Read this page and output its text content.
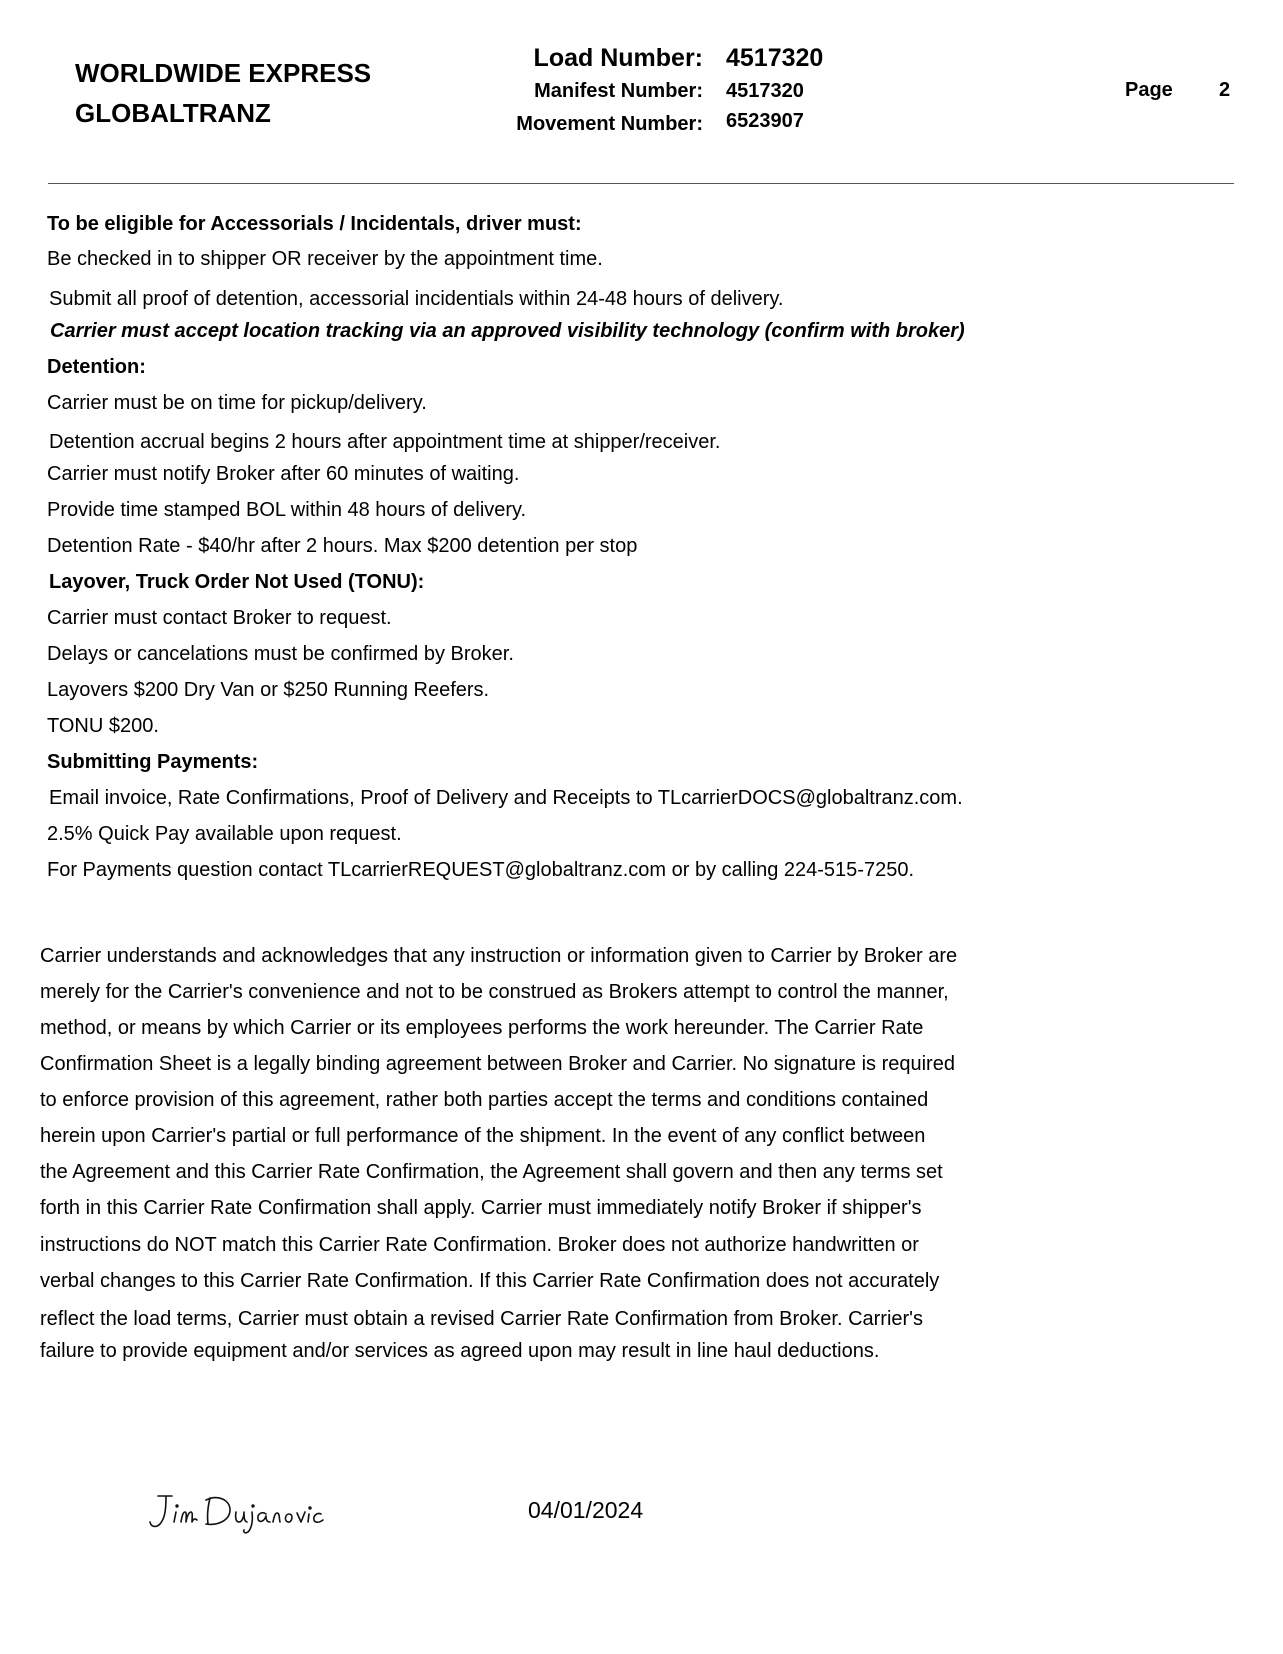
WORLDWIDE EXPRESS
GLOBALTRANZ
Load Number: 4517320
Manifest Number: 4517320
Movement Number: 6523907
Page 2
To be eligible for Accessorials / Incidentals, driver must:
Be checked in to shipper OR receiver by the appointment time.
Submit all proof of detention, accessorial incidentials within 24-48 hours of delivery.
Carrier must accept location tracking via an approved visibility technology (confirm with broker)
Detention:
Carrier must be on time for pickup/delivery.
Detention accrual begins 2 hours after appointment time at shipper/receiver.
Carrier must notify Broker after 60 minutes of waiting.
Provide time stamped BOL within 48 hours of delivery.
Detention Rate - $40/hr after 2 hours. Max $200 detention per stop
Layover, Truck Order Not Used (TONU):
Carrier must contact Broker to request.
Delays or cancelations must be confirmed by Broker.
Layovers $200 Dry Van or $250 Running Reefers.
TONU $200.
Submitting Payments:
Email invoice, Rate Confirmations, Proof of Delivery and Receipts to TLcarrierDOCS@globaltranz.com.
2.5% Quick Pay available upon request.
For Payments question contact TLcarrierREQUEST@globaltranz.com or by calling 224-515-7250.
Carrier understands and acknowledges that any instruction or information given to Carrier by Broker are
merely for the Carrier's convenience and not to be construed as Brokers attempt to control the manner,
method, or means by which Carrier or its employees performs the work hereunder. The Carrier Rate
Confirmation Sheet is a legally binding agreement between Broker and Carrier. No signature is required
to enforce provision of this agreement, rather both parties accept the terms and conditions contained
herein upon Carrier's partial or full performance of the shipment. In the event of any conflict between
the Agreement and this Carrier Rate Confirmation, the Agreement shall govern and then any terms set
forth in this Carrier Rate Confirmation shall apply. Carrier must immediately notify Broker if shipper's
instructions do NOT match this Carrier Rate Confirmation. Broker does not authorize handwritten or
verbal changes to this Carrier Rate Confirmation. If this Carrier Rate Confirmation does not accurately
reflect the load terms, Carrier must obtain a revised Carrier Rate Confirmation from Broker. Carrier's
failure to provide equipment and/or services as agreed upon may result in line haul deductions.
04/01/2024
